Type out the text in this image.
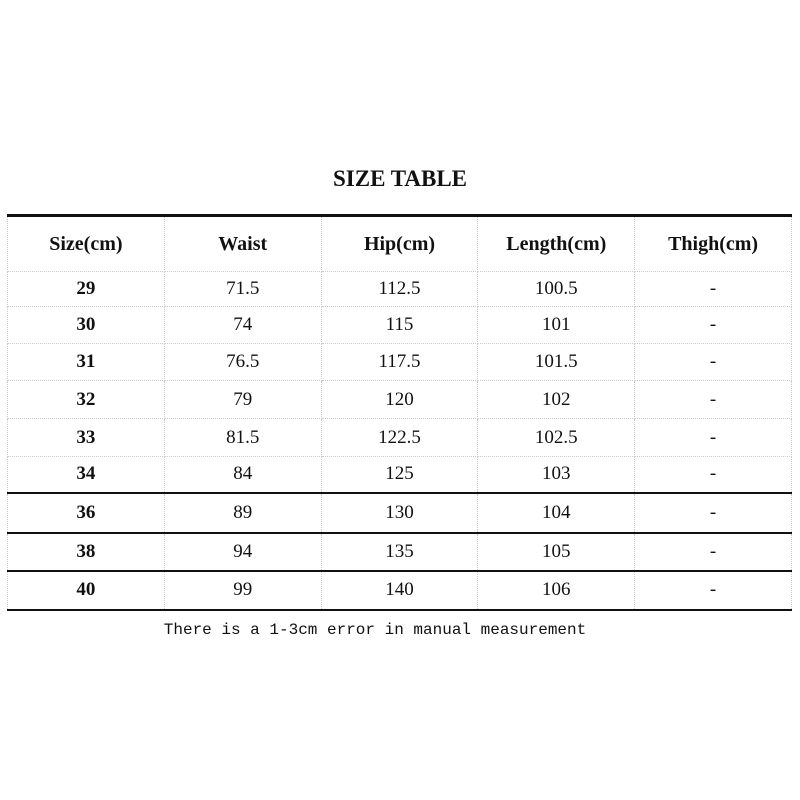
SIZE TABLE
Size(cm)	Waist	Hip(cm)	Length(cm)	Thigh(cm)
29	71.5	112.5	100.5	-
30	74	115	101	-
31	76.5	117.5	101.5	-
32	79	120	102	-
33	81.5	122.5	102.5	-
34	84	125	103	-
36	89	130	104	-
38	94	135	105	-
40	99	140	106	-
There is a 1-3cm error in manual measurement
